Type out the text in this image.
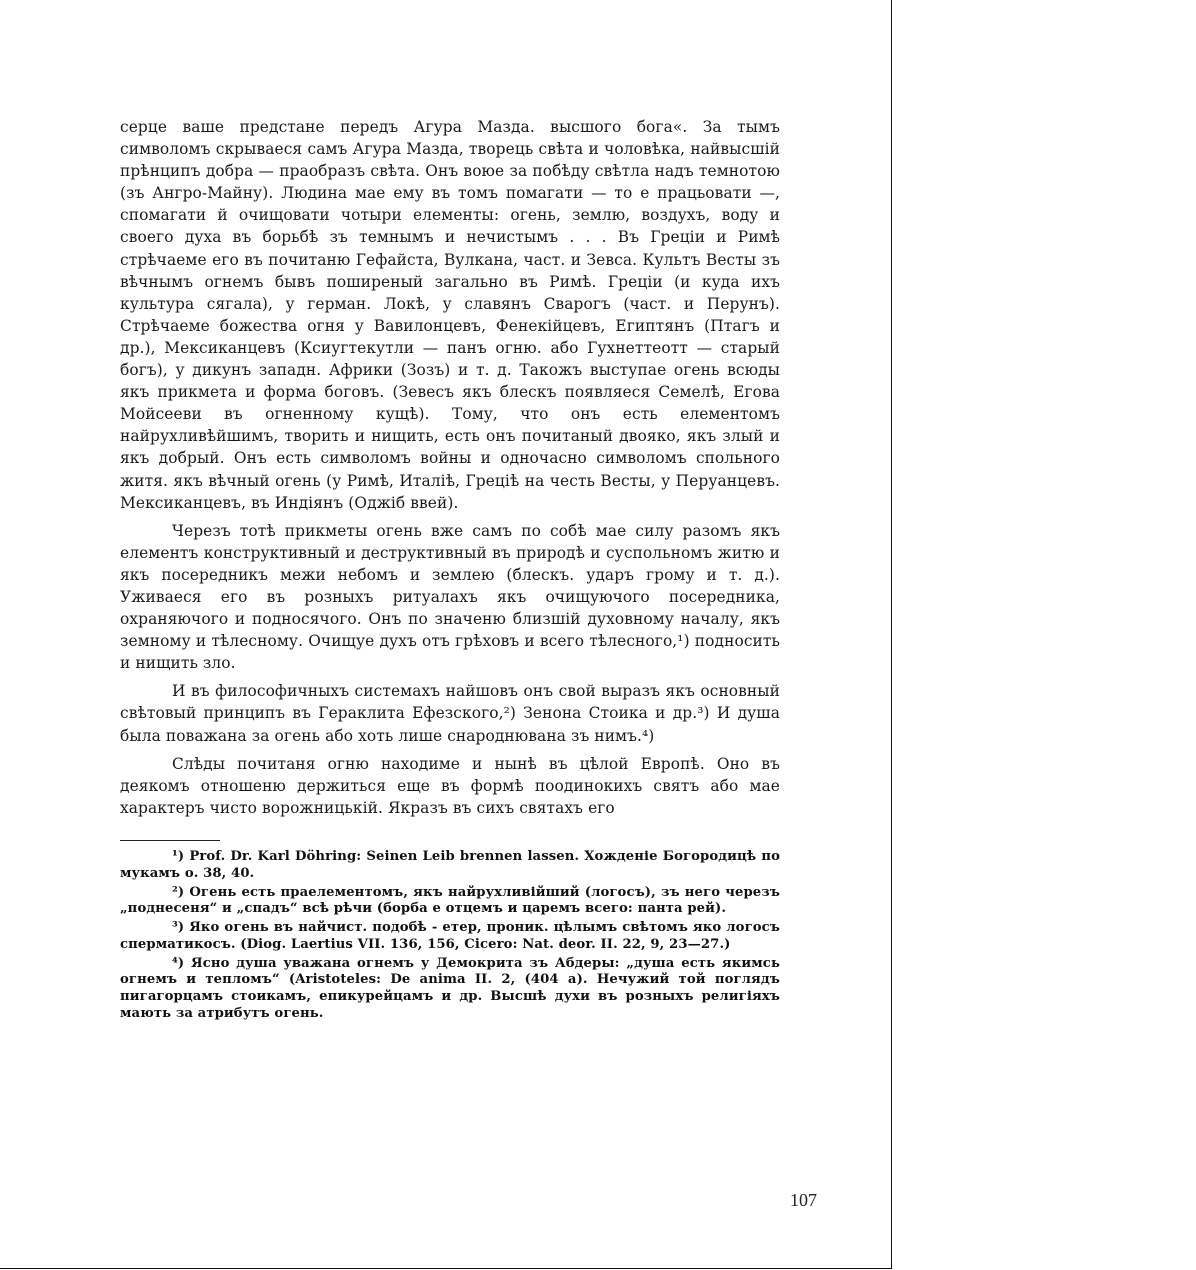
серце ваше предстане передъ Агура Мазда. высшого бога«. За тымъ символомъ скрываеся самъ Агура Мазда, творець свѣта и чоловѣка, найвысшій прѣнципъ добра — праобразъ свѣта. Онъ воюе за побѣду свѣтла надъ темнотою (зъ Ангро-Майну). Людина мае ему въ томъ помагати — то е працьовати —, спомагати й очищовати чотыри елементы: огень, землю, воздухъ, воду и своего духа въ борьбѣ зъ темнымъ и нечистымъ . . . Въ Греціи и Римѣ стрѣчаеме его въ почитаню Гефайста, Вулкана, част. и Зевса. Культъ Весты зъ вѣчнымъ огнемъ бывъ поширеный загально въ Римѣ. Греціи (и куда ихъ культура сягала), у герман. Локѣ, у славянъ Сварогъ (част. и Перунъ). Стрѣчаеме божества огня у Вавилонцевъ, Фенекійцевъ, Египтянъ (Птагъ и др.), Мексиканцевъ (Ксиугтекутли — панъ огню. або Гухнеттеотт — старый богъ), у дикунъ западн. Африки (Зозъ) и т. д. Такожъ выступае огень всюды якъ прикмета и форма боговъ. (Зевесъ якъ блескъ появляеся Семелѣ, Егова Мойсееви въ огненному кущѣ). Тому, что онъ есть елементомъ найрухливѣйшимъ, творить и нищить, есть онъ почитаный двояко, якъ злый и якъ добрый. Онъ есть символомъ войны и одночасно символомъ спольного житя. якъ вѣчный огень (у Римѣ, Италіѣ, Греціѣ на честь Весты, у Перуанцевъ. Мексиканцевъ, въ Индіянъ (Оджіб ввей).

Черезъ тотѣ прикметы огень вже самъ по собѣ мае силу разомъ якъ елементъ конструктивный и деструктивный въ природѣ и суспольномъ житю и якъ посередникъ межи небомъ и землею (блескъ. ударъ грому и т. д.). Уживаеся его въ розныхъ ритуалахъ якъ очищуючого посередника, охраняючого и подносячого. Онъ по значеню близшій духовному началу, якъ земному и тѣлесному. Очищуе духъ отъ грѣховъ и всего тѣлесного,¹) подносить и нищить зло.

И въ философичныхъ системахъ найшовъ онъ свой выразъ якъ основный свѣтовый принципъ въ Гераклита Ефезского,²) Зенона Стоика и др.³) И душа была поважана за огень або хоть лише снароднювана зъ нимъ.⁴)

Слѣды почитаня огню находиме и нынѣ въ цѣлой Европѣ. Оно въ деякомъ отношеню держиться еще въ формѣ поодинокихъ святъ або мае характеръ чисто ворожницькій. Якразъ въ сихъ святахъ его

¹) Prof. Dr. Karl Döhring: Seinen Leib brennen lassen. Хожденіе Богородицѣ по мукамъ о. 38, 40.

²) Огень есть праелементомъ, якъ найрухливійший (логосъ), зъ него черезъ „поднесеня“ и „спадъ“ всѣ рѣчи (борба е отцемъ и царемъ всего: пантa рей).

³) Яко огень въ найчист. подобѣ - етер, проник. цѣлымъ свѣтомъ яко логосъ сперматикосъ. (Diog. Laertius VII. 136, 156, Cicero: Nat. deor. II. 22, 9, 23—27.)

⁴) Ясно душа уважана огнемъ у Демокрита зъ Абдеры: „душа есть якимсь огнемъ и тепломъ“ (Aristoteles: De anima II. 2, (404 a). Нечужий той поглядъ пигагорцамъ стоикамъ, епикурейцамъ и др. Высшѣ духи въ розныхъ религіяхъ мають за атрибутъ огень.

107
